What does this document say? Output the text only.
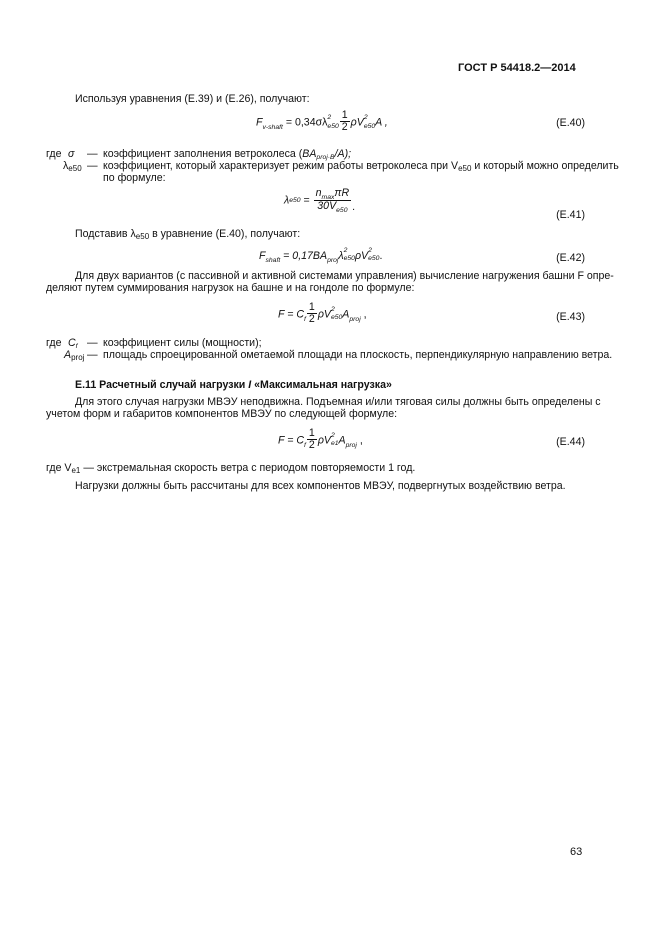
ГОСТ Р 54418.2—2014
Используя уравнения (Е.39) и (Е.26), получают:
Fv-shaft = 0,34σλ 2
$e50 \frac{1}{2}$ ρV 2
e50 A ,	(Е.40)
где σ — коэффициент заполнения ветроколеса (BAproj·B/A);
λe50 — коэффициент, который характеризует режим работы ветроколеса при Ve50 и который можно определить
по формуле:
$\lambda e50 = \frac{n_{max}\pi R}{30V_{e50}}$ .
(Е.41)
Подставив λe50 в уравнение (Е.40), получают:
Fshaft = 0,17BAprojλ 2
e50 ρV 2
e50 .	(Е.42)
Для двух вариантов (с пассивной и активной системами управления) вычисление нагружения башни F опре-
деляют путем суммирования нагрузок на башне и на гондоле по формуле:
F = Cf $\frac{1}{2}$ ρV 2
e50 Aproj ,	(Е.43)
где Cf — коэффициент силы (мощности);
Aproj — площадь спроецированной ометаемой площади на плоскость, перпендикулярную направлению ветра.
Е.11 Расчетный случай нагрузки I «Максимальная нагрузка»
Для этого случая нагрузки МВЭУ неподвижна. Подъемная и/или тяговая силы должны быть определены с
учетом форм и габаритов компонентов МВЭУ по следующей формуле:
F = Cf $\frac{1}{2}$ ρV 2
e1 Aproj ,	(Е.44)
где Ve1 — экстремальная скорость ветра с периодом повторяемости 1 год.
Нагрузки должны быть рассчитаны для всех компонентов МВЭУ, подвергнутых воздействию ветра.
63
